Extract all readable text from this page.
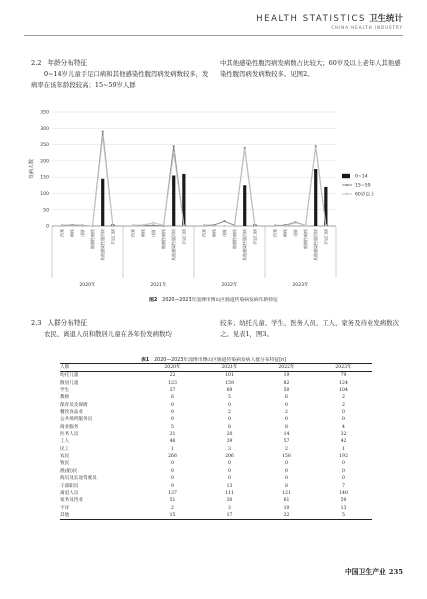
HEALTH STATISTICS 卫生统计
CHINA HEALTH INDUSTRY
2.2 年龄分布特征

0~14岁儿童手足口病和其他感染性腹泻病发病数较多，发病率在该年龄段较高；15~59岁人群

中其他感染性腹泻病发病数占比较大；60岁及以上老年人其他感染性腹泻病发病数较多。见图2。

0
50
100
150
200
250
300
350
发病人数
伤寒 痢疾 戊肝 细菌性痢疾 其他感染性腹泻病 手足口病
2020年
伤寒 痢疾 戊肝 细菌性痢疾 其他感染性腹泻病 手足口病
2021年
伤寒 痢疾 戊肝 细菌性痢疾 其他感染性腹泻病 手足口病
2022年
伤寒 痢疾 戊肝 细菌性痢疾 其他感染性腹泻病 手足口病
2023年
0~14
15~59
60岁以上
图2 2020—2023年淄博市博山区肠道传染病发病年龄特征
2.3 人群分布特征

农民、离退人员和散居儿童在各年份发病数均

较多；幼托儿童、学生、医务人员、工人、家务及待业发病数次之。见表1，图3。

表1 2020—2023年淄博市博山区肠道传染病发病人群分布特征[n]
人群	2020年	2021年	2022年	2023年
幼托儿童	22	101	19	79
散居儿童	123	159	82	124
学生	37	69	50	104
教师	6	5	6	2
保育员及保姆	0	0	0	2
餐饮食品业	0	2	2	0
公共场所服务员	0	0	0	0
商业服务	5	8	8	4
医务人员	21	20	14	32
工人	46	39	57	42
民工	1	3	2	1
农民	266	206	156	192
牧民	0	0	0	0
渔(船)民	0	0	0	0
海员及长途驾驶员	0	0	0	0
干部职员	9	13	8	7
离退人员	137	111	121	140
家务及待业	51	30	61	59
不详	2	3	10	13
其他	15	17	22	5
中国卫生产业 235
